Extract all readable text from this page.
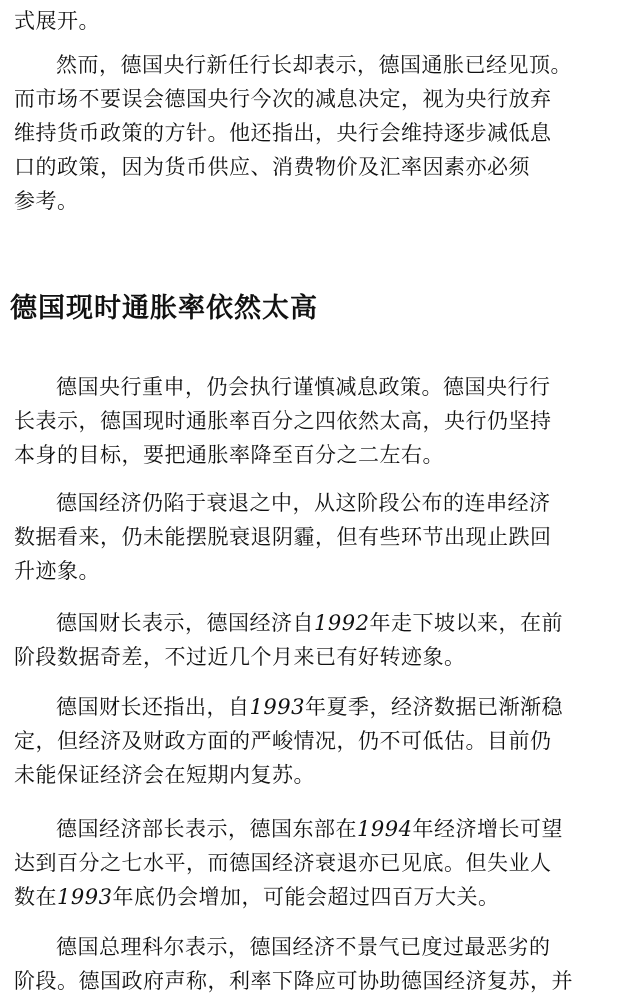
式展开。

然而，德国央行新任行长却表示，德国通胀已经见顶。
而市场不要误会德国央行今次的减息决定，视为央行放弃
维持货币政策的方针。他还指出，央行会维持逐步减低息
口的政策，因为货币供应、消费物价及汇率因素亦必须
参考。

德国现时通胀率依然太高

德国央行重申，仍会执行谨慎减息政策。德国央行行
长表示，德国现时通胀率百分之四依然太高，央行仍坚持
本身的目标，要把通胀率降至百分之二左右。

德国经济仍陷于衰退之中，从这阶段公布的连串经济
数据看来，仍未能摆脱衰退阴霾，但有些环节出现止跌回
升迹象。

德国财长表示，德国经济自1992年走下坡以来，在前
阶段数据奇差，不过近几个月来已有好转迹象。

德国财长还指出，自1993年夏季，经济数据已渐渐稳
定，但经济及财政方面的严峻情况，仍不可低估。目前仍
未能保证经济会在短期内复苏。

德国经济部长表示，德国东部在1994年经济增长可望
达到百分之七水平，而德国经济衰退亦已见底。但失业人
数在1993年底仍会增加，可能会超过四百万大关。

德国总理科尔表示，德国经济不景气已度过最恶劣的
阶段。德国政府声称，利率下降应可协助德国经济复苏，并
